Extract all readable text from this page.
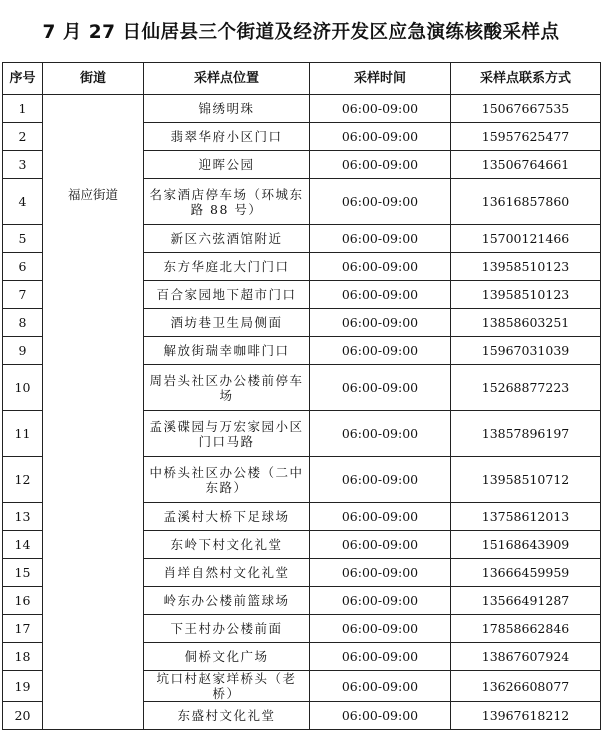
7 月 27 日仙居县三个街道及经济开发区应急演练核酸采样点
序号	街道	采样点位置	采样时间	采样点联系方式
1	福应街道	锦绣明珠	06:00-09:00	15067667535
2		翡翠华府小区门口	06:00-09:00	15957625477
3		迎晖公园	06:00-09:00	13506764661
4		名家酒店停车场（环城东路 88 号）	06:00-09:00	13616857860
5		新区六弦酒馆附近	06:00-09:00	15700121466
6		东方华庭北大门门口	06:00-09:00	13958510123
7		百合家园地下超市门口	06:00-09:00	13958510123
8		酒坊巷卫生局侧面	06:00-09:00	13858603251
9		解放街瑞幸咖啡门口	06:00-09:00	15967031039
10		周岩头社区办公楼前停车场	06:00-09:00	15268877223
11		孟溪碟园与万宏家园小区门口马路	06:00-09:00	13857896197
12		中桥头社区办公楼（二中东路）	06:00-09:00	13958510712
13		孟溪村大桥下足球场	06:00-09:00	13758612013
14		东岭下村文化礼堂	06:00-09:00	15168643909
15		肖垟自然村文化礼堂	06:00-09:00	13666459959
16		岭东办公楼前篮球场	06:00-09:00	13566491287
17		下王村办公楼前面	06:00-09:00	17858662846
18		侗桥文化广场	06:00-09:00	13867607924
19		坑口村赵家垟桥头（老桥）	06:00-09:00	13626608077
20		东盛村文化礼堂	06:00-09:00	13967618212
